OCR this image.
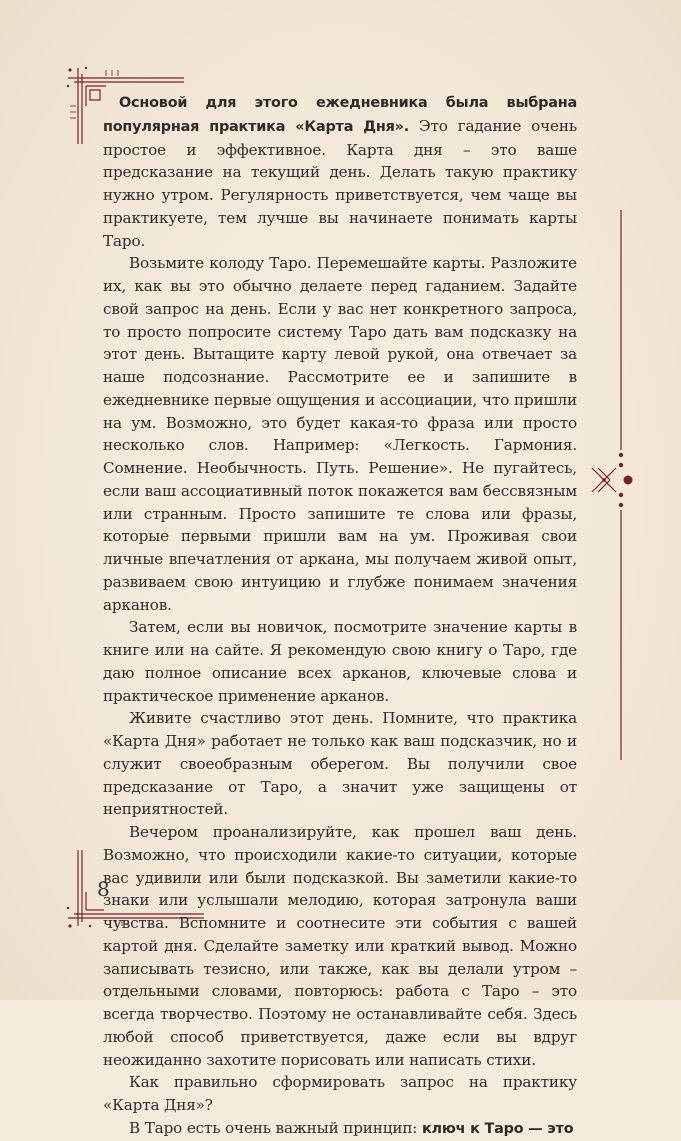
Основой для этого ежедневника была выбрана популярная практика «Карта Дня». Это гадание очень простое и эффективное. Карта дня – это ваше предсказание на текущий день. Делать такую практику нужно утром. Регулярность приветствуется, чем чаще вы практикуете, тем лучше вы начинаете понимать карты Таро.

Возьмите колоду Таро. Перемешайте карты. Разложите их, как вы это обычно делаете перед гаданием. Задайте свой запрос на день. Если у вас нет конкретного запроса, то просто попросите систему Таро дать вам подсказку на этот день. Вытащите карту левой рукой, она отвечает за наше подсознание. Рассмотрите ее и запишите в ежедневнике первые ощущения и ассоциации, что пришли на ум. Возможно, это будет какая-то фраза или просто несколько слов. Например: «Легкость. Гармония. Сомнение. Необычность. Путь. Решение». Не пугайтесь, если ваш ассоциативный поток покажется вам бессвязным или странным. Просто запишите те слова или фразы, которые первыми пришли вам на ум. Проживая свои личные впечатления от аркана, мы получаем живой опыт, развиваем свою интуицию и глубже понимаем значения арканов.

Затем, если вы новичок, посмотрите значение карты в книге или на сайте. Я рекомендую свою книгу о Таро, где даю полное описание всех арканов, ключевые слова и практическое применение арканов.

Живите счастливо этот день. Помните, что практика «Карта Дня» работает не только как ваш подсказчик, но и служит своеобразным оберегом. Вы получили свое предсказание от Таро, а значит уже защищены от неприятностей.

Вечером проанализируйте, как прошел ваш день. Возможно, что происходили какие-то ситуации, которые вас удивили или были подсказкой. Вы заметили какие-то знаки или услышали мелодию, которая затронула ваши чувства. Вспомните и соотнесите эти события с вашей картой дня. Сделайте заметку или краткий вывод. Можно записывать тезисно, или также, как вы делали утром – отдельными словами, повторюсь: работа с Таро – это всегда творчество. Поэтому не останавливайте себя. Здесь любой способ приветствуется, даже если вы вдруг неожиданно захотите порисовать или написать стихи.

Как правильно сформировать запрос на практику «Карта Дня»?

В Таро есть очень важный принцип: ключ к Таро — это

8
